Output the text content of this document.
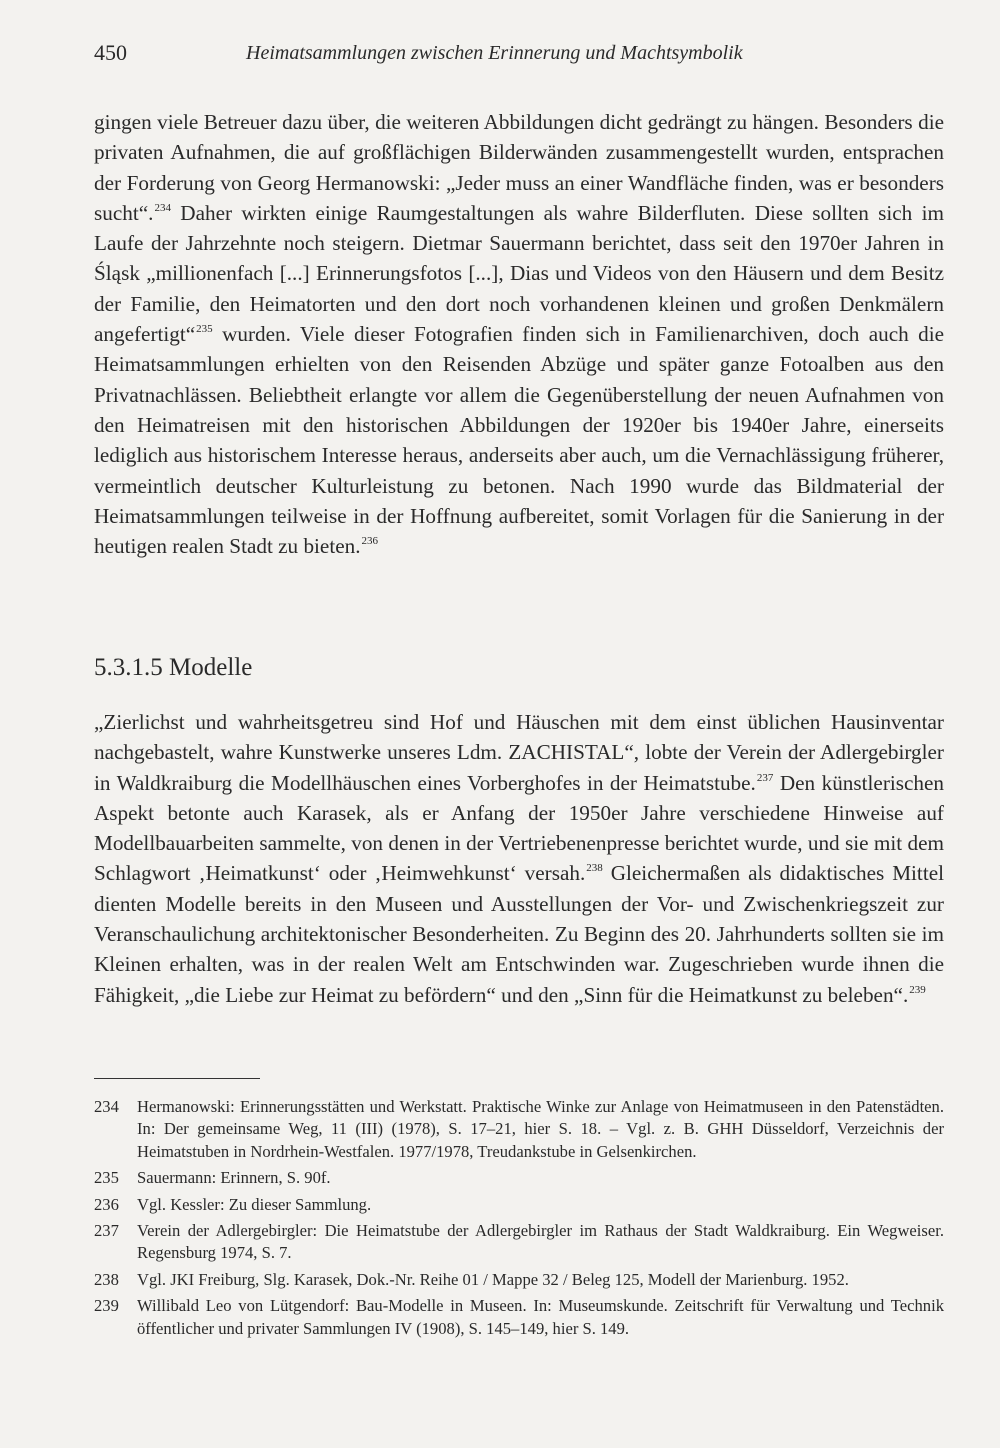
450	Heimatsammlungen zwischen Erinnerung und Machtsymbolik

gingen viele Betreuer dazu über, die weiteren Abbildungen dicht gedrängt zu hängen. Besonders die privaten Aufnahmen, die auf großflächigen Bilderwänden zusammengestellt wurden, entsprachen der Forderung von Georg Hermanowski: „Jeder muss an einer Wandfläche finden, was er besonders sucht“.$^{234}$ Daher wirkten einige Raumgestaltungen als wahre Bilderfluten. Diese sollten sich im Laufe der Jahrzehnte noch steigern. Dietmar Sauermann berichtet, dass seit den 1970er Jahren in Śląsk „millionenfach [...] Erinnerungsfotos [...], Dias und Videos von den Häusern und dem Besitz der Familie, den Heimatorten und den dort noch vorhandenen kleinen und großen Denkmälern angefertigt“$^{235}$ wurden. Viele dieser Fotografien finden sich in Familienarchiven, doch auch die Heimatsammlungen erhielten von den Reisenden Abzüge und später ganze Fotoalben aus den Privatnachlässen. Beliebtheit erlangte vor allem die Gegenüberstellung der neuen Aufnahmen von den Heimatreisen mit den historischen Abbildungen der 1920er bis 1940er Jahre, einerseits lediglich aus historischem Interesse heraus, anderseits aber auch, um die Vernachlässigung früherer, vermeintlich deutscher Kulturleistung zu betonen. Nach 1990 wurde das Bildmaterial der Heimatsammlungen teilweise in der Hoffnung aufbereitet, somit Vorlagen für die Sanierung in der heutigen realen Stadt zu bieten.$^{236}$

5.3.1.5 Modelle

„Zierlichst und wahrheitsgetreu sind Hof und Häuschen mit dem einst üblichen Hausinventar nachgebastelt, wahre Kunstwerke unseres Ldm. ZACHISTAL“, lobte der Verein der Adlergebirgler in Waldkraiburg die Modellhäuschen eines Vorberghofes in der Heimatstube.$^{237}$ Den künstlerischen Aspekt betonte auch Karasek, als er Anfang der 1950er Jahre verschiedene Hinweise auf Modellbauarbeiten sammelte, von denen in der Vertriebenenpresse berichtet wurde, und sie mit dem Schlagwort ‚Heimatkunst‘ oder ‚Heimwehkunst‘ versah.$^{238}$ Gleichermaßen als didaktisches Mittel dienten Modelle bereits in den Museen und Ausstellungen der Vor- und Zwischenkriegszeit zur Veranschaulichung architektonischer Besonderheiten. Zu Beginn des 20. Jahrhunderts sollten sie im Kleinen erhalten, was in der realen Welt am Entschwinden war. Zugeschrieben wurde ihnen die Fähigkeit, „die Liebe zur Heimat zu befördern“ und den „Sinn für die Heimatkunst zu beleben“.$^{239}$

234	Hermanowski: Erinnerungsstätten und Werkstatt. Praktische Winke zur Anlage von Heimatmuseen in den Patenstädten. In: Der gemeinsame Weg, 11 (III) (1978), S. 17–21, hier S. 18. – Vgl. z. B. GHH Düsseldorf, Verzeichnis der Heimatstuben in Nordrhein-Westfalen. 1977/1978, Treudankstube in Gelsenkirchen.
235	Sauermann: Erinnern, S. 90f.
236	Vgl. Kessler: Zu dieser Sammlung.
237	Verein der Adlergebirgler: Die Heimatstube der Adlergebirgler im Rathaus der Stadt Waldkraiburg. Ein Wegweiser. Regensburg 1974, S. 7.
238	Vgl. JKI Freiburg, Slg. Karasek, Dok.-Nr. Reihe 01 / Mappe 32 / Beleg 125, Modell der Marienburg. 1952.
239	Willibald Leo von Lütgendorf: Bau-Modelle in Museen. In: Museumskunde. Zeitschrift für Verwaltung und Technik öffentlicher und privater Sammlungen IV (1908), S. 145–149, hier S. 149.
